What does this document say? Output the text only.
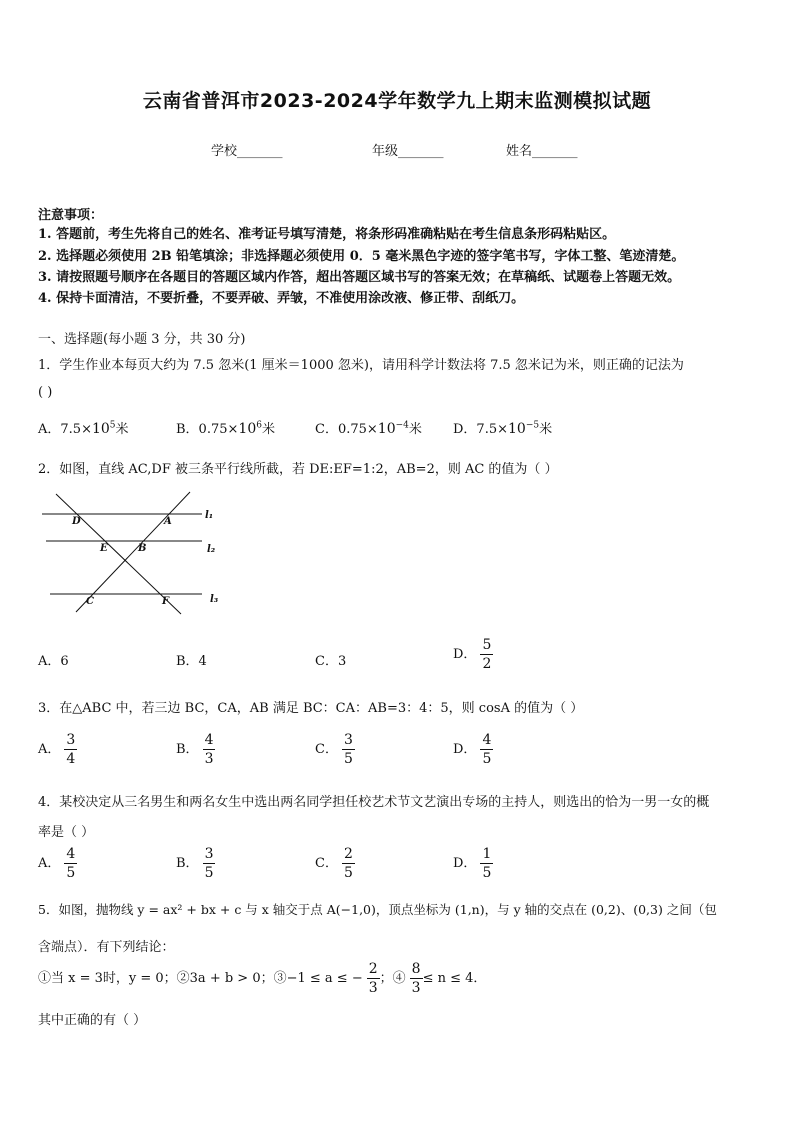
云南省普洱市2023-2024学年数学九上期末监测模拟试题
学校_______	年级_______	姓名_______
注意事项：
1. 答题前，考生先将自己的姓名、准考证号填写清楚，将条形码准确粘贴在考生信息条形码粘贴区。
2. 选择题必须使用 2B 铅笔填涂；非选择题必须使用 0．5 毫米黑色字迹的签字笔书写，字体工整、笔迹清楚。
3. 请按照题号顺序在各题目的答题区域内作答，超出答题区域书写的答案无效；在草稿纸、试题卷上答题无效。
4. 保持卡面清洁，不要折叠，不要弄破、弄皱，不准使用涂改液、修正带、刮纸刀。
一、选择题(每小题 3 分，共 30 分)
1．学生作业本每页大约为 7.5 忽米(1 厘米＝1000 忽米)，请用科学计数法将 7.5 忽米记为米，则正确的记法为
( )
A．$7.5\times 10^5$米	B．$0.75\times 10^6$米	C．$0.75\times 10^{-4}$米 D．$7.5\times 10^{-5}$米
2．如图，直线 AC,DF 被三条平行线所截，若 DE:EF=1:2，AB=2，则 AC 的值为（ ）
D	A
E	B
C	F
l₁
l₂
l₃
A．6	B．4	C．3	D． $\frac{5}{2}$
3．在△ABC 中，若三边 BC，CA，AB 满足 BC：CA：AB=3：4：5，则 cosA 的值为（ ）
A． $\frac{3}{4}$	B． $\frac{4}{3}$	C． $\frac{3}{5}$	D． $\frac{4}{5}$
4．某校决定从三名男生和两名女生中选出两名同学担任校艺术节文艺演出专场的主持人，则选出的恰为一男一女的概
率是（ ）
A． $\frac{4}{5}$	B． $\frac{3}{5}$	C． $\frac{2}{5}$	D． $\frac{1}{5}$
5．如图，抛物线 y = ax² + bx + c 与 x 轴交于点 A(−1,0)，顶点坐标为 (1,n)，与 y 轴的交点在 (0,2)、(0,3) 之间（包
含端点）．有下列结论：
①当 x = 3时，y = 0；②3a + b > 0；③−1 ≤ a ≤ − $\frac{2}{3}$ ；④ $\frac{8}{3} \le n \le 4$．
其中正确的有（ ）
